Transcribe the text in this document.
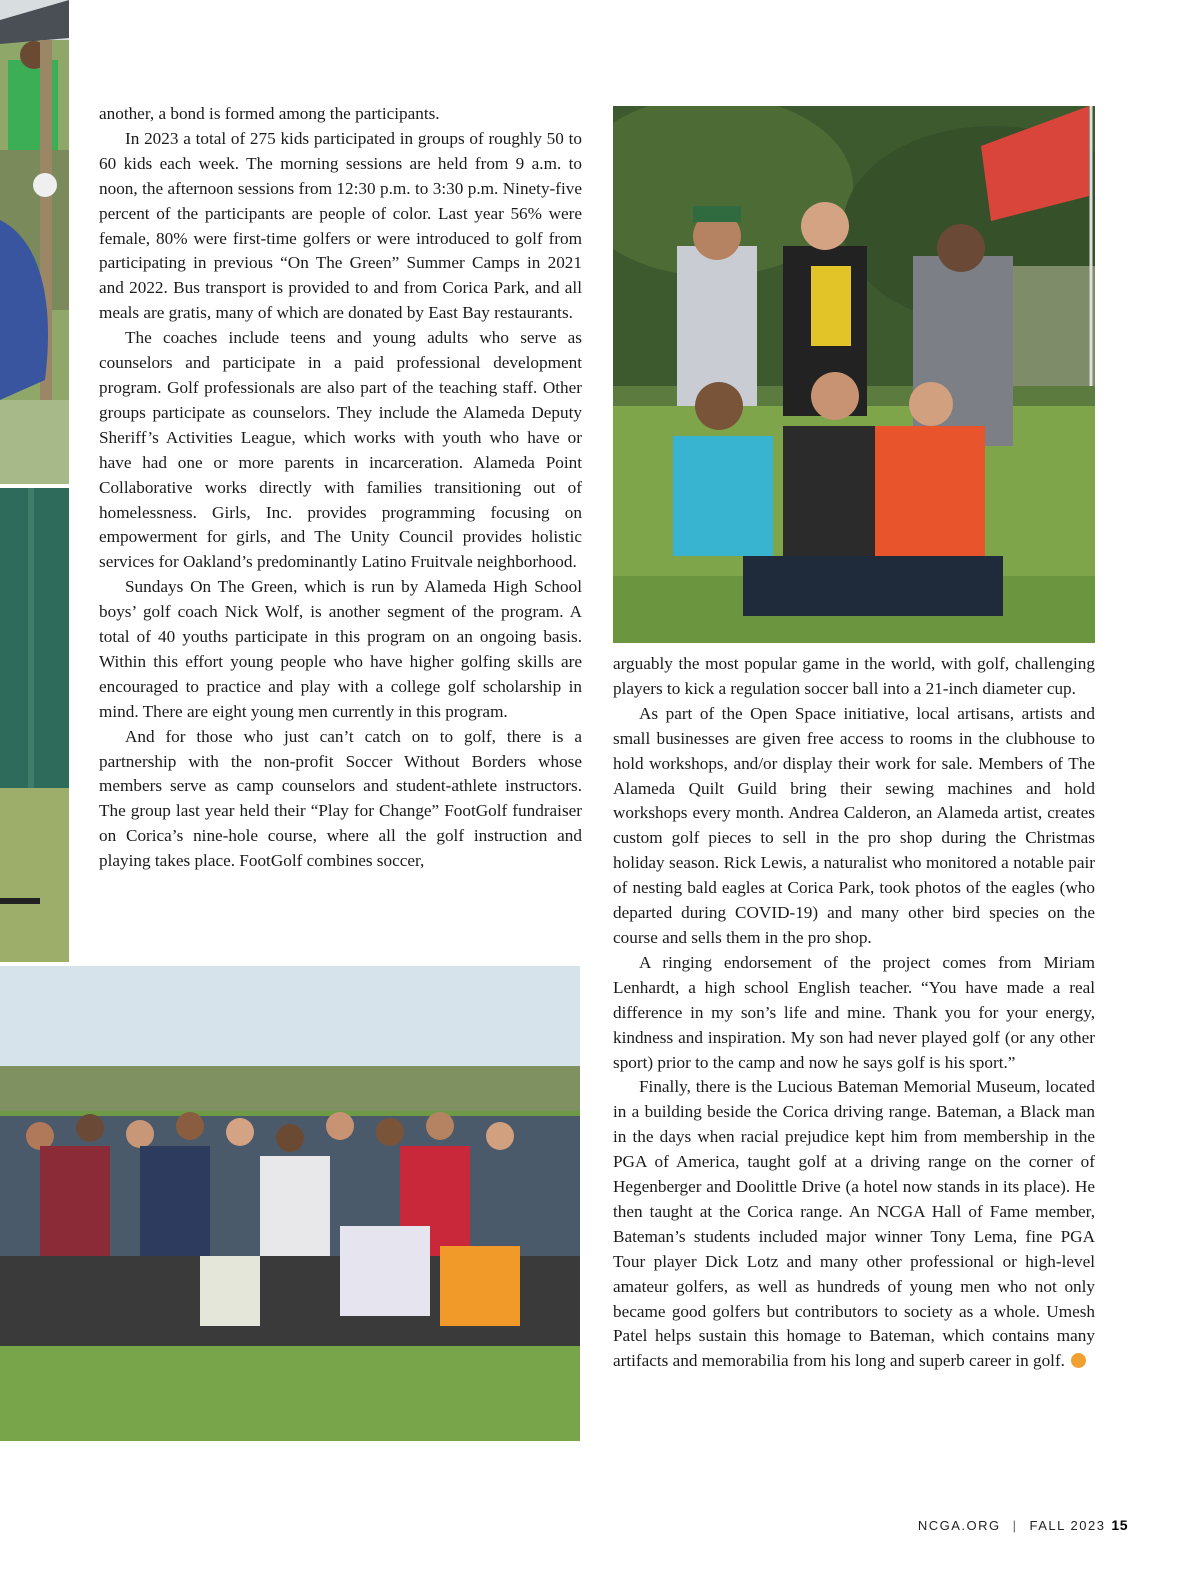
another, a bond is formed among the participants.

In 2023 a total of 275 kids participated in groups of roughly 50 to 60 kids each week. The morning sessions are held from 9 a.m. to noon, the afternoon sessions from 12:30 p.m. to 3:30 p.m. Ninety-five percent of the participants are people of color. Last year 56% were female, 80% were first-time golfers or were introduced to golf from participating in previous “On The Green” Summer Camps in 2021 and 2022. Bus transport is provided to and from Corica Park, and all meals are gratis, many of which are donated by East Bay restaurants.

The coaches include teens and young adults who serve as counselors and participate in a paid professional development program. Golf professionals are also part of the teaching staff. Other groups participate as counselors. They include the Alameda Deputy Sheriff’s Activities League, which works with youth who have or have had one or more parents in incarceration. Alameda Point Collaborative works directly with families transitioning out of homelessness. Girls, Inc. provides programming focusing on empowerment for girls, and The Unity Council provides holistic services for Oakland’s predominantly Latino Fruitvale neighborhood.

Sundays On The Green, which is run by Alameda High School boys’ golf coach Nick Wolf, is another segment of the program. A total of 40 youths participate in this program on an ongoing basis. Within this effort young people who have higher golfing skills are encouraged to practice and play with a college golf scholarship in mind. There are eight young men currently in this program.

And for those who just can’t catch on to golf, there is a partnership with the non-profit Soccer Without Borders whose members serve as camp counselors and student-athlete instructors. The group last year held their “Play for Change” FootGolf fundraiser on Corica’s nine-hole course, where all the golf instruction and playing takes place. FootGolf combines soccer,

arguably the most popular game in the world, with golf, challenging players to kick a regulation soccer ball into a 21-inch diameter cup.

As part of the Open Space initiative, local artisans, artists and small businesses are given free access to rooms in the clubhouse to hold workshops, and/or display their work for sale. Members of The Alameda Quilt Guild bring their sewing machines and hold workshops every month. Andrea Calderon, an Alameda artist, creates custom golf pieces to sell in the pro shop during the Christmas holiday season. Rick Lewis, a naturalist who monitored a notable pair of nesting bald eagles at Corica Park, took photos of the eagles (who departed during COVID-19) and many other bird species on the course and sells them in the pro shop.

A ringing endorsement of the project comes from Miriam Lenhardt, a high school English teacher. “You have made a real difference in my son’s life and mine. Thank you for your energy, kindness and inspiration. My son had never played golf (or any other sport) prior to the camp and now he says golf is his sport.”

Finally, there is the Lucious Bateman Memorial Museum, located in a building beside the Corica driving range. Bateman, a Black man in the days when racial prejudice kept him from membership in the PGA of America, taught golf at a driving range on the corner of Hegenberger and Doolittle Drive (a hotel now stands in its place). He then taught at the Corica range. An NCGA Hall of Fame member, Bateman’s students included major winner Tony Lema, fine PGA Tour player Dick Lotz and many other professional or high-level amateur golfers, as well as hundreds of young men who not only became good golfers but contributors to society as a whole. Umesh Patel helps sustain this homage to Bateman, which contains many artifacts and memorabilia from his long and superb career in golf.

NCGA.ORG | FALL 2023 15
